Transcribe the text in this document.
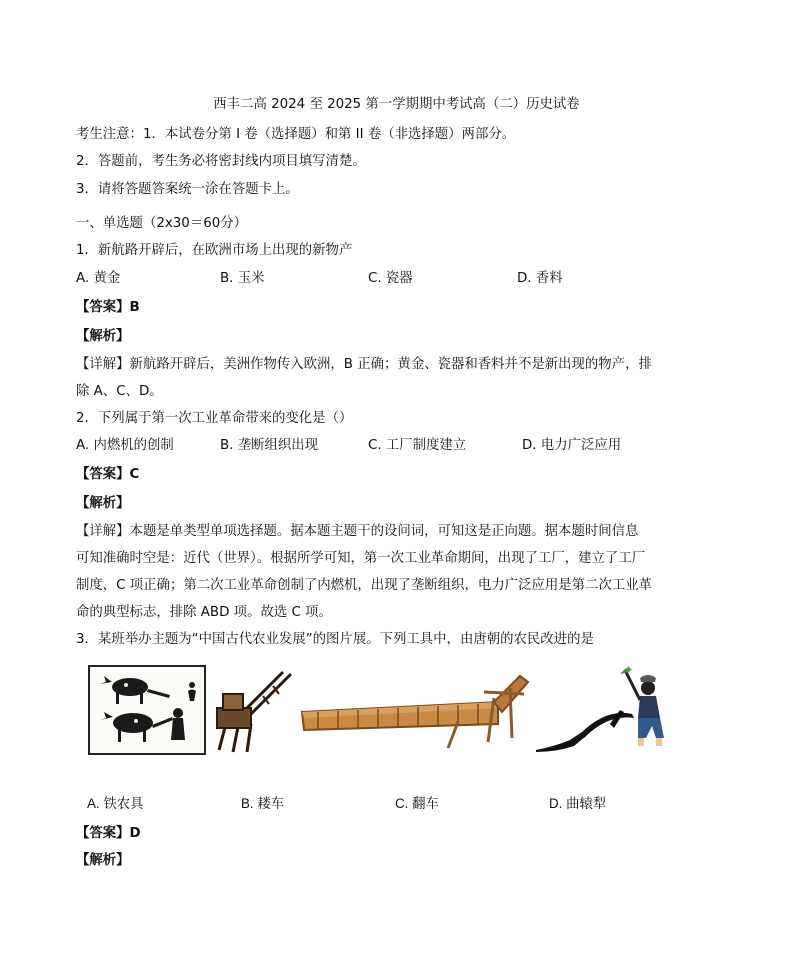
西丰二高 2024 至 2025 第一学期期中考试高（二）历史试卷
考生注意：1．本试卷分第 I 卷（选择题）和第 II 卷（非选择题）两部分。
2．答题前，考生务必将密封线内项目填写清楚。
3．请将答题答案统一涂在答题卡上。
一、单选题（2x30＝60分）
1．新航路开辟后，在欧洲市场上出现的新物产
A. 黄金	B. 玉米	C. 瓷器	D. 香料
【答案】B
【解析】
【详解】新航路开辟后，美洲作物传入欧洲，B 正确；黄金、瓷器和香料并不是新出现的物产，排
除 A、C、D。
2．下列属于第一次工业革命带来的变化是（）
A. 内燃机的创制	B. 垄断组织出现	C. 工厂制度建立	D. 电力广泛应用
【答案】C
【解析】
【详解】本题是单类型单项选择题。据本题主题干的设问词，可知这是正向题。据本题时间信息
可知准确时空是：近代（世界）。根据所学可知，第一次工业革命期间，出现了工厂，建立了工厂
制度，C 项正确；第二次工业革命创制了内燃机，出现了垄断组织，电力广泛应用是第二次工业革
命的典型标志，排除 ABD 项。故选 C 项。
3．某班举办主题为“中国古代农业发展”的图片展。下列工具中，由唐朝的农民改进的是
A. 铁农具	B. 耧车	C. 翻车	D. 曲辕犁
【答案】D
【解析】
